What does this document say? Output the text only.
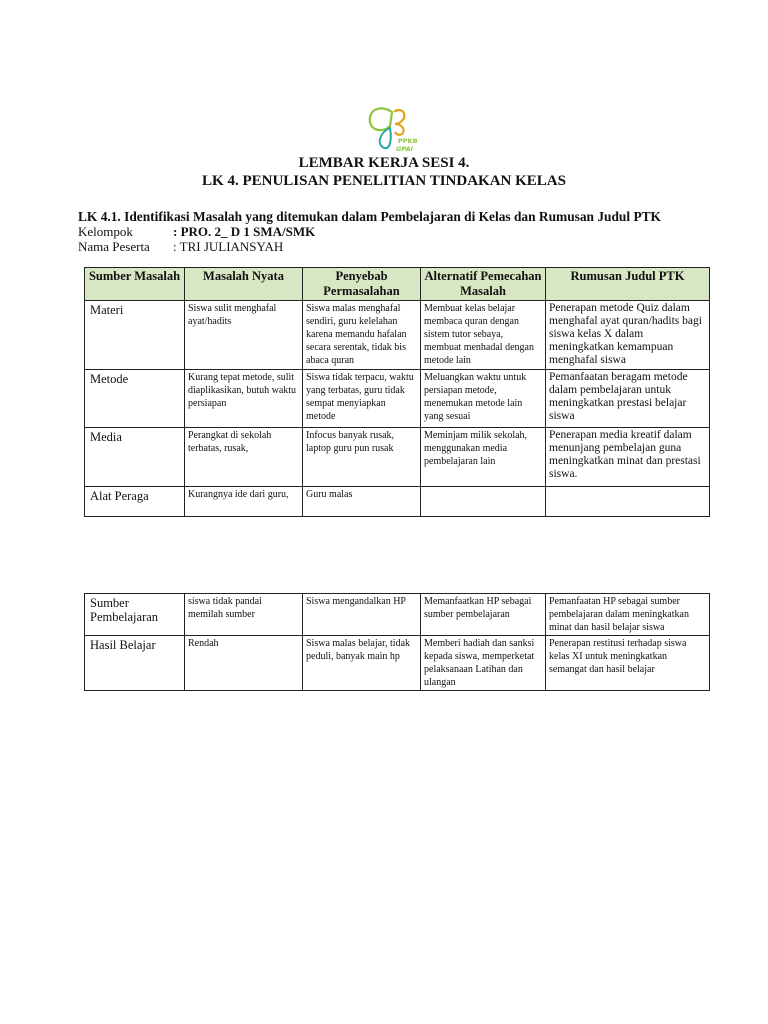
PPKB
GPAI
LEMBAR KERJA SESI 4.
LK 4. PENULISAN PENELITIAN TINDAKAN KELAS
LK 4.1. Identifikasi Masalah yang ditemukan dalam Pembelajaran di Kelas dan Rumusan Judul PTK
Kelompok	: PRO. 2_ D 1 SMA/SMK
Nama Peserta : TRI JULIANSYAH
Sumber Masalah	Masalah Nyata	Penyebab Permasalahan	Alternatif Pemecahan Masalah	Rumusan Judul PTK
Materi	Siswa sulit menghafal ayat/hadits	Siswa malas menghafal sendiri, guru kelelahan karena memandu hafalan secara serentak, tidak bis abaca quran	Membuat kelas belajar membaca quran dengan sistem tutor sebaya, membuat menhadal dengan metode lain	Penerapan metode Quiz dalam menghafal ayat quran/hadits bagi siswa kelas X dalam meningkatkan kemampuan menghafal siswa
Metode	Kurang tepat metode, sulit diaplikasikan, butuh waktu persiapan	Siswa tidak terpacu, waktu yang terbatas, guru tidak sempat menyiapkan metode	Meluangkan waktu untuk persiapan metode, menemukan metode lain yang sesuai	Pemanfaatan beragam metode dalam pembelajaran untuk meningkatkan prestasi belajar siswa
Media	Perangkat di sekolah terbatas, rusak,	Infocus banyak rusak, laptop guru pun rusak	Meminjam milik sekolah, menggunakan media pembelajaran lain	Penerapan media kreatif dalam menunjang pembelajan guna meningkatkan minat dan prestasi siswa.
Alat Peraga	Kurangnya ide dari guru,	Guru malas		
Sumber Pembelajaran	siswa tidak pandai memilah sumber	Siswa mengandalkan HP	Memanfaatkan HP sebagai sumber pembelajaran	Pemanfaatan HP sebagai sumber pembelajaran dalam meningkatkan minat dan hasil belajar siswa
Hasil Belajar	Rendah	Siswa malas belajar, tidak peduli, banyak main hp	Memberi hadiah dan sanksi kepada siswa, memperketat pelaksanaan Latihan dan ulangan	Penerapan restitusi terhadap siswa kelas XI untuk meningkatkan semangat dan hasil belajar
